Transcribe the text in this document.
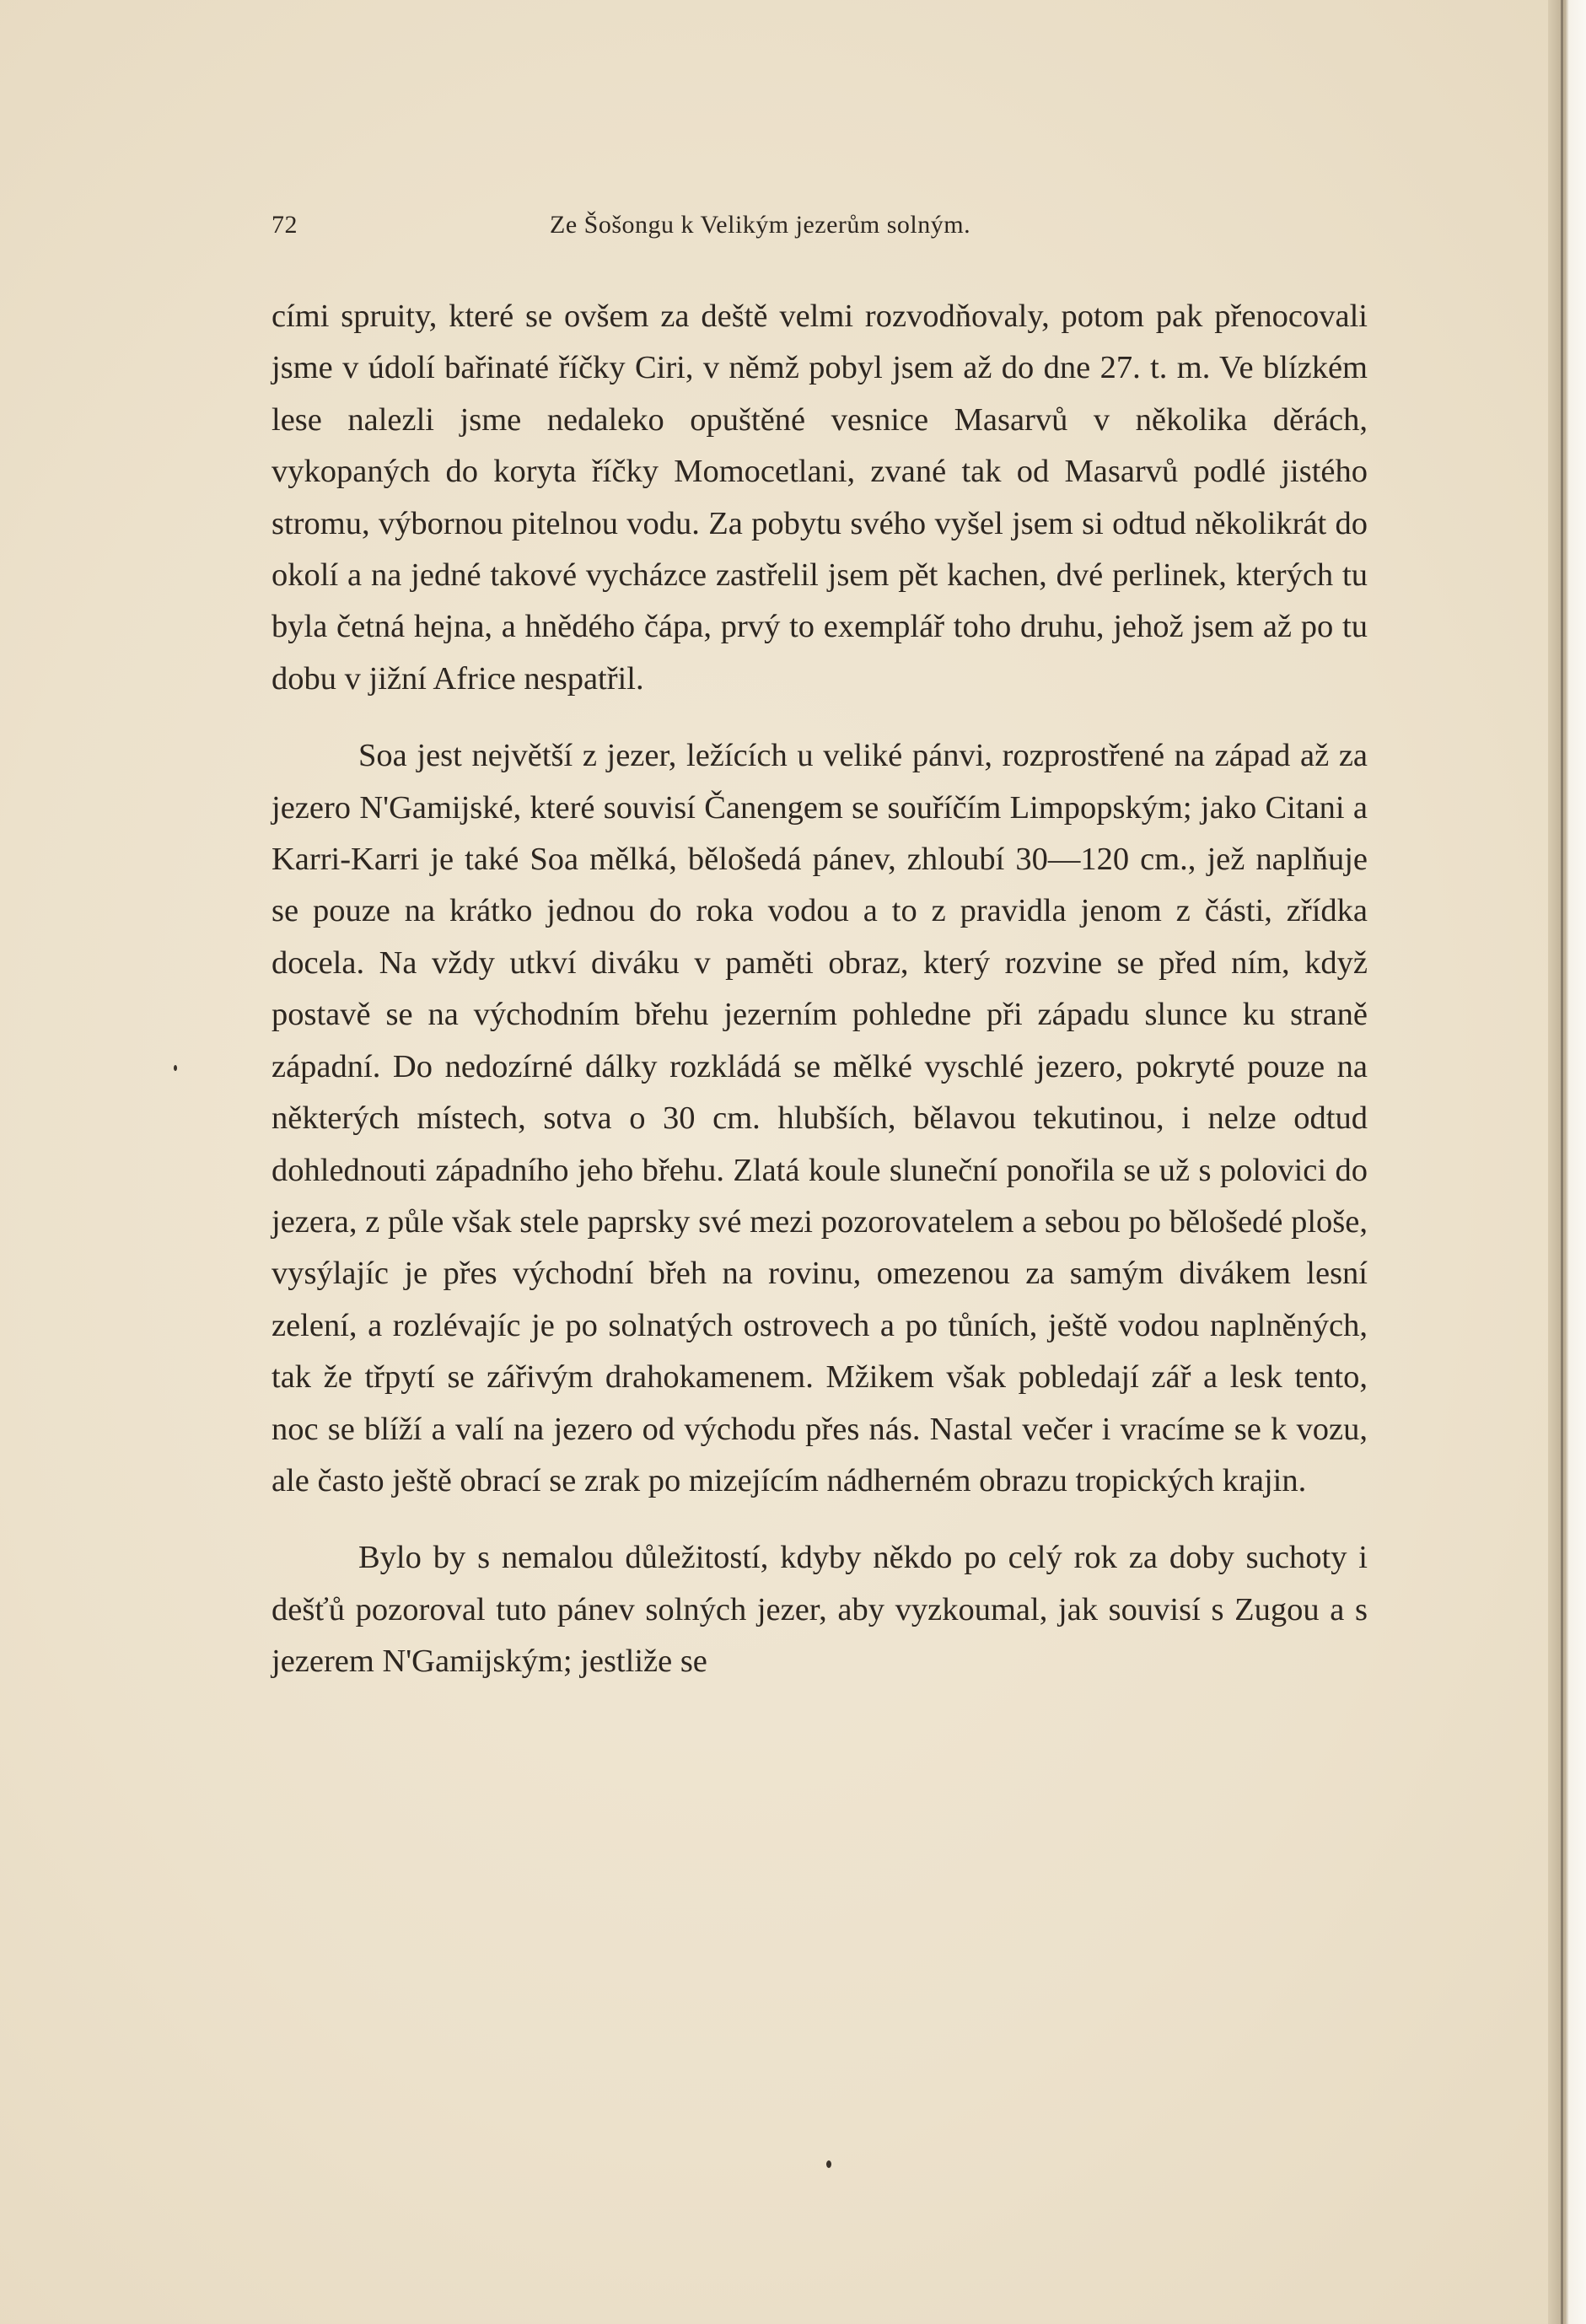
72	Ze Šošongu k Velikým jezerům solným.

cími spruity, které se ovšem za deště velmi rozvodňovaly, potom pak přenocovali jsme v údolí bařinaté říčky Ciri, v němž pobyl jsem až do dne 27. t. m. Ve blízkém lese nalezli jsme nedaleko opuštěné vesnice Masarvů v několika děrách, vykopaných do koryta říčky Momocetlani, zvané tak od Masarvů podlé jistého stromu, výbornou pitelnou vodu. Za pobytu svého vyšel jsem si odtud několikrát do okolí a na jedné takové vycházce zastřelil jsem pět kachen, dvé perlinek, kterých tu byla četná hejna, a hnědého čápa, prvý to exemplář toho druhu, jehož jsem až po tu dobu v jižní Africe nespatřil.

Soa jest největší z jezer, ležících u veliké pánvi, rozprostřené na západ až za jezero N'Gamijské, které souvisí Čanengem se souříčím Limpopským; jako Citani a Karri-Karri je také Soa mělká, bělošedá pánev, zhloubí 30—120 cm., jež naplňuje se pouze na krátko jednou do roka vodou a to z pravidla jenom z části, zřídka docela. Na vždy utkví diváku v paměti obraz, který rozvine se před ním, když postavě se na východním břehu jezerním pohledne při západu slunce ku straně západní. Do nedozírné dálky rozkládá se mělké vyschlé jezero, pokryté pouze na některých místech, sotva o 30 cm. hlubších, bělavou tekutinou, i nelze odtud dohlednouti západního jeho břehu. Zlatá koule sluneční ponořila se už s polovici do jezera, z půle však stele paprsky své mezi pozorovatelem a sebou po bělošedé ploše, vysýlajíc je přes východní břeh na rovinu, omezenou za samým divákem lesní zelení, a rozlévajíc je po solnatých ostrovech a po tůních, ještě vodou naplněných, tak že třpytí se zářivým drahokamenem. Mžikem však pobledají zář a lesk tento, noc se blíží a valí na jezero od východu přes nás. Nastal večer i vracíme se k vozu, ale často ještě obrací se zrak po mizejícím nádherném obrazu tropických krajin.

Bylo by s nemalou důležitostí, kdyby někdo po celý rok za doby suchoty i dešťů pozoroval tuto pánev solných jezer, aby vyzkoumal, jak souvisí s Zugou a s jezerem N'Gamijským; jestliže se
